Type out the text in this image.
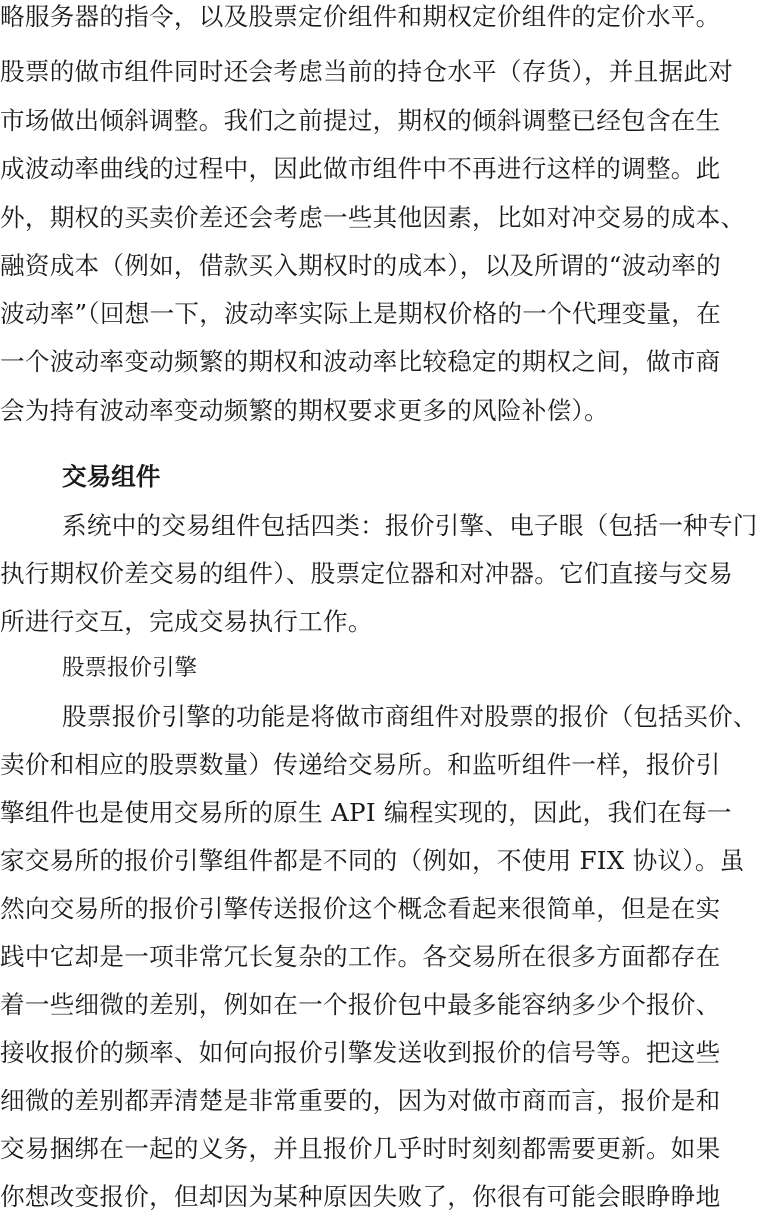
略服务器的指令，以及股票定价组件和期权定价组件的定价水平。
股票的做市组件同时还会考虑当前的持仓水平（存货），并且据此对
市场做出倾斜调整。我们之前提过，期权的倾斜调整已经包含在生
成波动率曲线的过程中，因此做市组件中不再进行这样的调整。此
外，期权的买卖价差还会考虑一些其他因素，比如对冲交易的成本、
融资成本（例如，借款买入期权时的成本），以及所谓的“波动率的
波动率”（回想一下，波动率实际上是期权价格的一个代理变量，在
一个波动率变动频繁的期权和波动率比较稳定的期权之间，做市商
会为持有波动率变动频繁的期权要求更多的风险补偿）。
交易组件
系统中的交易组件包括四类：报价引擎、电子眼（包括一种专门
执行期权价差交易的组件）、股票定位器和对冲器。它们直接与交易
所进行交互，完成交易执行工作。
股票报价引擎
股票报价引擎的功能是将做市商组件对股票的报价（包括买价、
卖价和相应的股票数量）传递给交易所。和监听组件一样，报价引
擎组件也是使用交易所的原生 API 编程实现的，因此，我们在每一
家交易所的报价引擎组件都是不同的（例如，不使用 FIX 协议）。虽
然向交易所的报价引擎传送报价这个概念看起来很简单，但是在实
践中它却是一项非常冗长复杂的工作。各交易所在很多方面都存在
着一些细微的差别，例如在一个报价包中最多能容纳多少个报价、
接收报价的频率、如何向报价引擎发送收到报价的信号等。把这些
细微的差别都弄清楚是非常重要的，因为对做市商而言，报价是和
交易捆绑在一起的义务，并且报价几乎时时刻刻都需要更新。如果
你想改变报价，但却因为某种原因失败了，你很有可能会眼睁睁地
